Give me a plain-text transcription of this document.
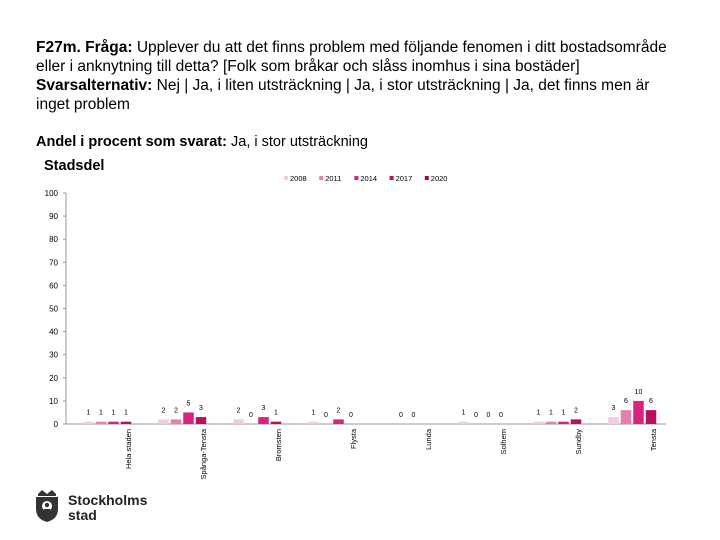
F27m. Fråga: Upplever du att det finns problem med följande fenomen i ditt bostadsområde eller i anknytning till detta? [Folk som bråkar och slåss inomhus i sina bostäder] Svarsalternativ: Nej | Ja, i liten utsträckning | Ja, i stor utsträckning | Ja, det finns men är inget problem
Andel i procent som svarat: Ja, i stor utsträckning
Stadsdel
0
10
20
30
40
50
60
70
80
90
100
2008 2011	2014 2017 2020
1 1 1 1
Hela staden
2 2
5
3
Spånga-Tensta
2
0
3
1
Bromsten
1 0
2
0
Flysta
0 0
Lunda
1 0 0 0
Solhem
1 1 1 2
Sundby
3
6
10
6
Tensta
Stockholms
stad
